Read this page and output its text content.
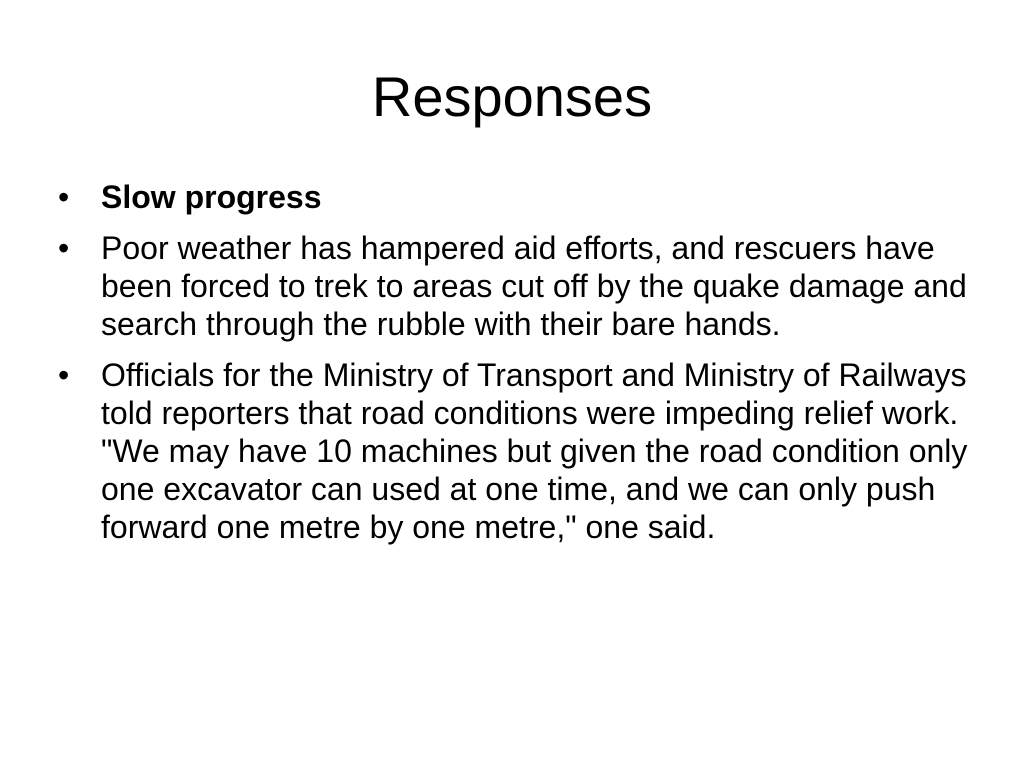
Responses
• Slow progress
• Poor weather has hampered aid efforts, and rescuers have been forced to trek to areas cut off by the quake damage and search through the rubble with their bare hands.
• Officials for the Ministry of Transport and Ministry of Railways told reporters that road conditions were impeding relief work. "We may have 10 machines but given the road condition only one excavator can used at one time, and we can only push forward one metre by one metre," one said.
